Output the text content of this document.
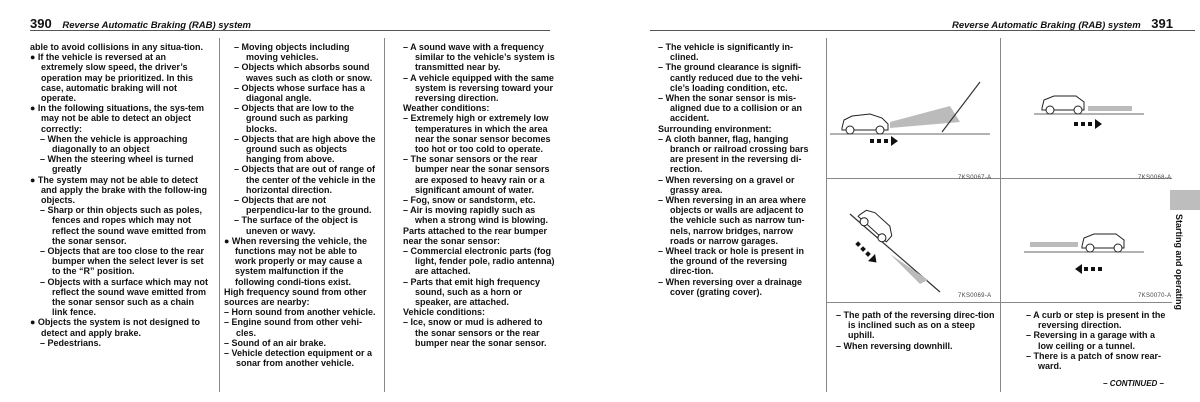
390 Reverse Automatic Braking (RAB) system

able to avoid collisions in any situa-tion.

● If the vehicle is reversed at an extremely slow speed, the driver’s operation may be prioritized. In this case, automatic braking will not operate.

● In the following situations, the sys-tem may not be able to detect an object correctly:

– When the vehicle is approaching diagonally to an object

– When the steering wheel is turned greatly

● The system may not be able to detect and apply the brake with the follow-ing objects.

– Sharp or thin objects such as poles, fences and ropes which may not reflect the sound wave emitted from the sonar sensor.

– Objects that are too close to the rear bumper when the select lever is set to the “R” position.

– Objects with a surface which may not reflect the sound wave emitted from the sonar sensor such as a chain link fence.

● Objects the system is not designed to detect and apply brake.

– Pedestrians.

– Moving objects including moving vehicles.

– Objects which absorbs sound waves such as cloth or snow.

– Objects whose surface has a diagonal angle.

– Objects that are low to the ground such as parking blocks.

– Objects that are high above the ground such as objects hanging from above.

– Objects that are out of range of the center of the vehicle in the horizontal direction.

– Objects that are not perpendicu-lar to the ground.

– The surface of the object is uneven or wavy.

● When reversing the vehicle, the functions may not be able to work properly or may cause a system malfunction if the following condi-tions exist.

High frequency sound from other sources are nearby:

– Horn sound from another vehicle.

– Engine sound from other vehi-cles.

– Sound of an air brake.

– Vehicle detection equipment or a sonar from another vehicle.

– A sound wave with a frequency similar to the vehicle’s system is transmitted near by.

– A vehicle equipped with the same system is reversing toward your reversing direction.

Weather conditions:

– Extremely high or extremely low temperatures in which the area near the sonar sensor becomes too hot or too cold to operate.

– The sonar sensors or the rear bumper near the sonar sensors are exposed to heavy rain or a significant amount of water.

– Fog, snow or sandstorm, etc.

– Air is moving rapidly such as when a strong wind is blowing.

Parts attached to the rear bumper near the sonar sensor:

– Commercial electronic parts (fog light, fender pole, radio antenna) are attached.

– Parts that emit high frequency sound, such as a horn or speaker, are attached.

Vehicle conditions:

– Ice, snow or mud is adhered to the sonar sensors or the rear bumper near the sonar sensor.

Reverse Automatic Braking (RAB) system 391

– The vehicle is significantly in-clined.

– The ground clearance is signifi-cantly reduced due to the vehi-cle’s loading condition, etc.

– When the sonar sensor is mis-aligned due to a collision or an accident.

Surrounding environment:

– A cloth banner, flag, hanging branch or railroad crossing bars are present in the reversing di-rection.

– When reversing on a gravel or grassy area.

– When reversing in an area where objects or walls are adjacent to the vehicle such as narrow tun-nels, narrow bridges, narrow roads or narrow garages.

– Wheel track or hole is present in the ground of the reversing direc-tion.

– When reversing over a drainage cover (grating cover).

7KS0067-A	7KS0068-A
7KS0069-A	7KS0070-A

– The path of the reversing direc-tion is inclined such as on a steep uphill.

– When reversing downhill.

– A curb or step is present in the reversing direction.

– Reversing in a garage with a low ceiling or a tunnel.

– There is a patch of snow rear-ward.

– CONTINUED –
Starting and operating
